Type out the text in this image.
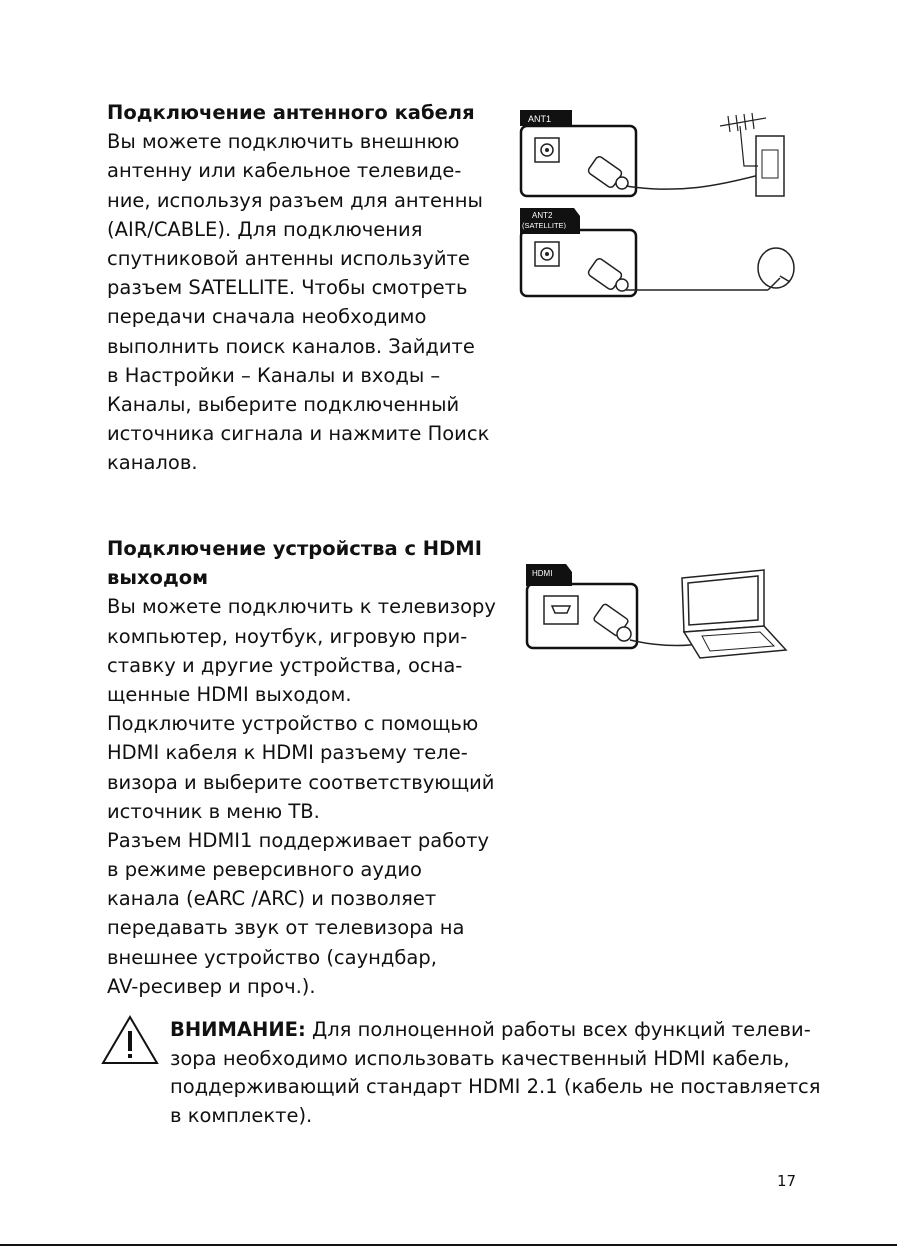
Подключение антенного кабеля
Вы можете подключить внешнюю
антенну или кабельное телевиде-
ние, используя разъем для антенны
(AIR/CABLE). Для подключения
спутниковой антенны используйте
разъем SATELLITE. Чтобы смотреть
передачи сначала необходимо
выполнить поиск каналов. Зайдите
в Настройки – Каналы и входы –
Каналы, выберите подключенный
источника сигнала и нажмите Поиск
каналов.
ANT1
ANT2
(SATELLITE)
Подключение устройства с HDMI
выходом
Вы можете подключить к телевизору
компьютер, ноутбук, игровую при-
ставку и другие устройства, осна-
щенные HDMI выходом.
Подключите устройство с помощью
HDMI кабеля к HDMI разъему теле-
визора и выберите соответствующий
источник в меню ТВ.
Разъем HDMI1 поддерживает работу
в режиме реверсивного аудио
канала (eARC /ARC) и позволяет
передавать звук от телевизора на
внешнее устройство (саундбар,
AV-ресивер и проч.).
HDMI
ВНИМАНИЕ: Для полноценной работы всех функций телеви-
зора необходимо использовать качественный HDMI кабель,
поддерживающий стандарт HDMI 2.1 (кабель не поставляется
в комплекте).
17
